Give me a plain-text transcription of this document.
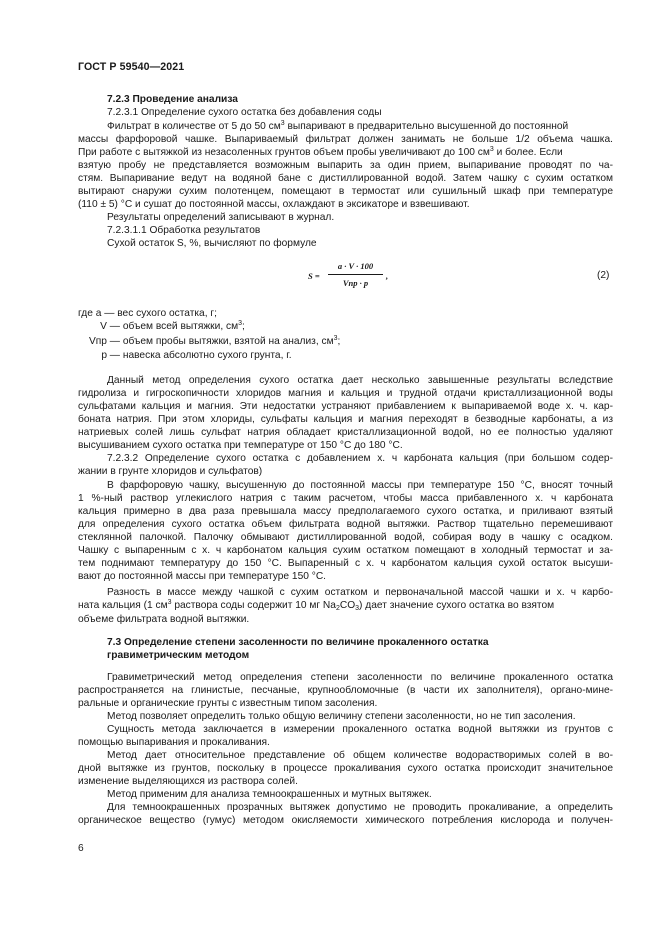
ГОСТ Р 59540—2021
7.2.3 Проведение анализа
7.2.3.1 Определение сухого остатка без добавления соды
Фильтрат в количестве от 5 до 50 $см^3$ выпаривают в предварительно высушенной до постоянной
массы фарфоровой чашке. Выпариваемый фильтрат должен занимать не больше 1/2 объема чашка.
При работе с вытяжкой из незасоленных грунтов объем пробы увеличивают до 100 $см^3$ и более. Если
взятую пробу не представляется возможным выпарить за один прием, выпаривание проводят по ча-
стям. Выпаривание ведут на водяной бане с дистиллированной водой. Затем чашку с сухим остатком
вытирают снаружи сухим полотенцем, помещают в термостат или сушильный шкаф при температуре
(110 ± 5) °С и сушат до постоянной массы, охлаждают в эксикаторе и взвешивают.
Результаты определений записывают в журнал.
7.2.3.1.1 Обработка результатов
Сухой остаток S, %, вычисляют по формуле
S =
a · V · 100
Vпр · p
,	(2)
где a — вес сухого остатка, г;
V — объем всей вытяжки, $см^3$;
Vпр — объем пробы вытяжки, взятой на анализ, $см^3$;
p — навеска абсолютно сухого грунта, г.
Данный метод определения сухого остатка дает несколько завышенные результаты вследствие
гидролиза и гигроскопичности хлоридов магния и кальция и трудной отдачи кристаллизационной воды
сульфатами кальция и магния. Эти недостатки устраняют прибавлением к выпариваемой воде х. ч. кар-
боната натрия. При этом хлориды, сульфаты кальция и магния переходят в безводные карбонаты, а из
натриевых солей лишь сульфат натрия обладает кристаллизационной водой, но ее полностью удаляют
высушиванием сухого остатка при температуре от 150 °С до 180 °С.
7.2.3.2 Определение сухого остатка с добавлением х. ч карбоната кальция (при большом содер-
жании в грунте хлоридов и сульфатов)
В фарфоровую чашку, высушенную до постоянной массы при температуре 150 °С, вносят точный
1 %-ный раствор углекислого натрия с таким расчетом, чтобы масса прибавленного х. ч карбоната
кальция примерно в два раза превышала массу предполагаемого сухого остатка, и приливают взятый
для определения сухого остатка объем фильтрата водной вытяжки. Раствор тщательно перемешивают
стеклянной палочкой. Палочку обмывают дистиллированной водой, собирая воду в чашку с осадком.
Чашку с выпаренным с х. ч карбонатом кальция сухим остатком помещают в холодный термостат и за-
тем поднимают температуру до 150 °С. Выпаренный с х. ч карбонатом кальция сухой остаток высуши-
вают до постоянной массы при температуре 150 °С.
Разность в массе между чашкой с сухим остатком и первоначальной массой чашки и х. ч карбо-
ната кальция (1 $см^3$ раствора соды содержит 10 мг $Na_2CO_3$) дает значение сухого остатка во взятом
объеме фильтрата водной вытяжки.
7.3 Определение степени засоленности по величине прокаленного остатка
гравиметрическим методом
Гравиметрический метод определения степени засоленности по величине прокаленного остатка
распространяется на глинистые, песчаные, крупнообломочные (в части их заполнителя), органо-мине-
ральные и органические грунты с известным типом засоления.
Метод позволяет определить только общую величину степени засоленности, но не тип засоления.
Сущность метода заключается в измерении прокаленного остатка водной вытяжки из грунтов с
помощью выпаривания и прокаливания.
Метод дает относительное представление об общем количестве водорастворимых солей в во-
дной вытяжке из грунтов, поскольку в процессе прокаливания сухого остатка происходит значительное
изменение выделяющихся из раствора солей.
Метод применим для анализа темноокрашенных и мутных вытяжек.
Для темноокрашенных прозрачных вытяжек допустимо не проводить прокаливание, а определить
органическое вещество (гумус) методом окисляемости химического потребления кислорода и получен-
6
